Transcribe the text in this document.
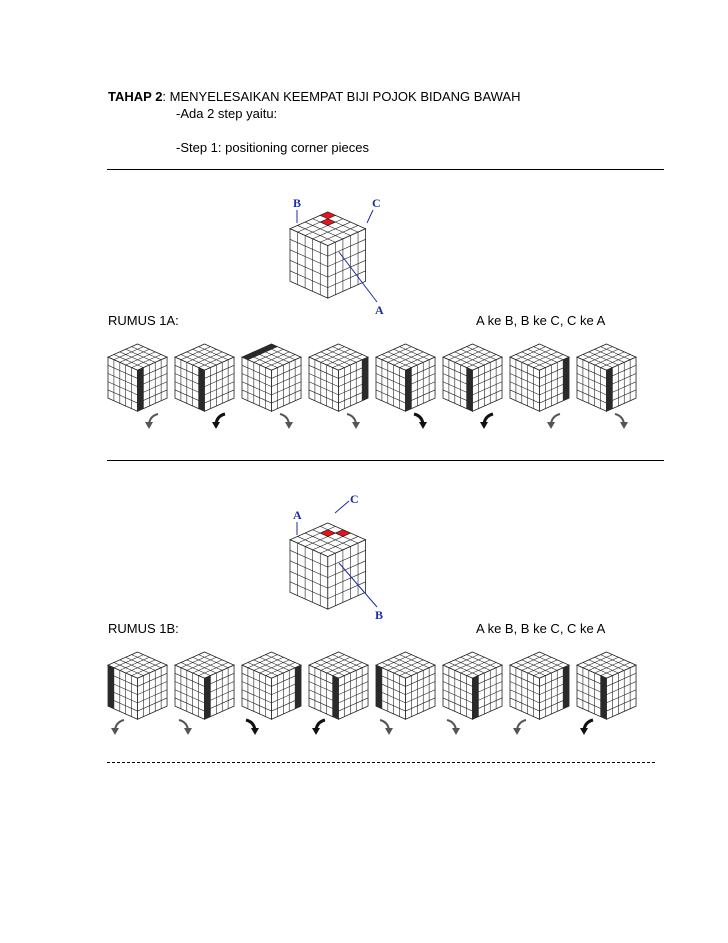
TAHAP 2: MENYELESAIKAN KEEMPAT BIJI POJOK BIDANG BAWAH
-Ada 2 step yaitu:
-Step 1: positioning corner pieces
B	C
A
RUMUS 1A:	A ke B, B ke C, C ke A
A
C
B
RUMUS 1B:	A ke B, B ke C, C ke A
